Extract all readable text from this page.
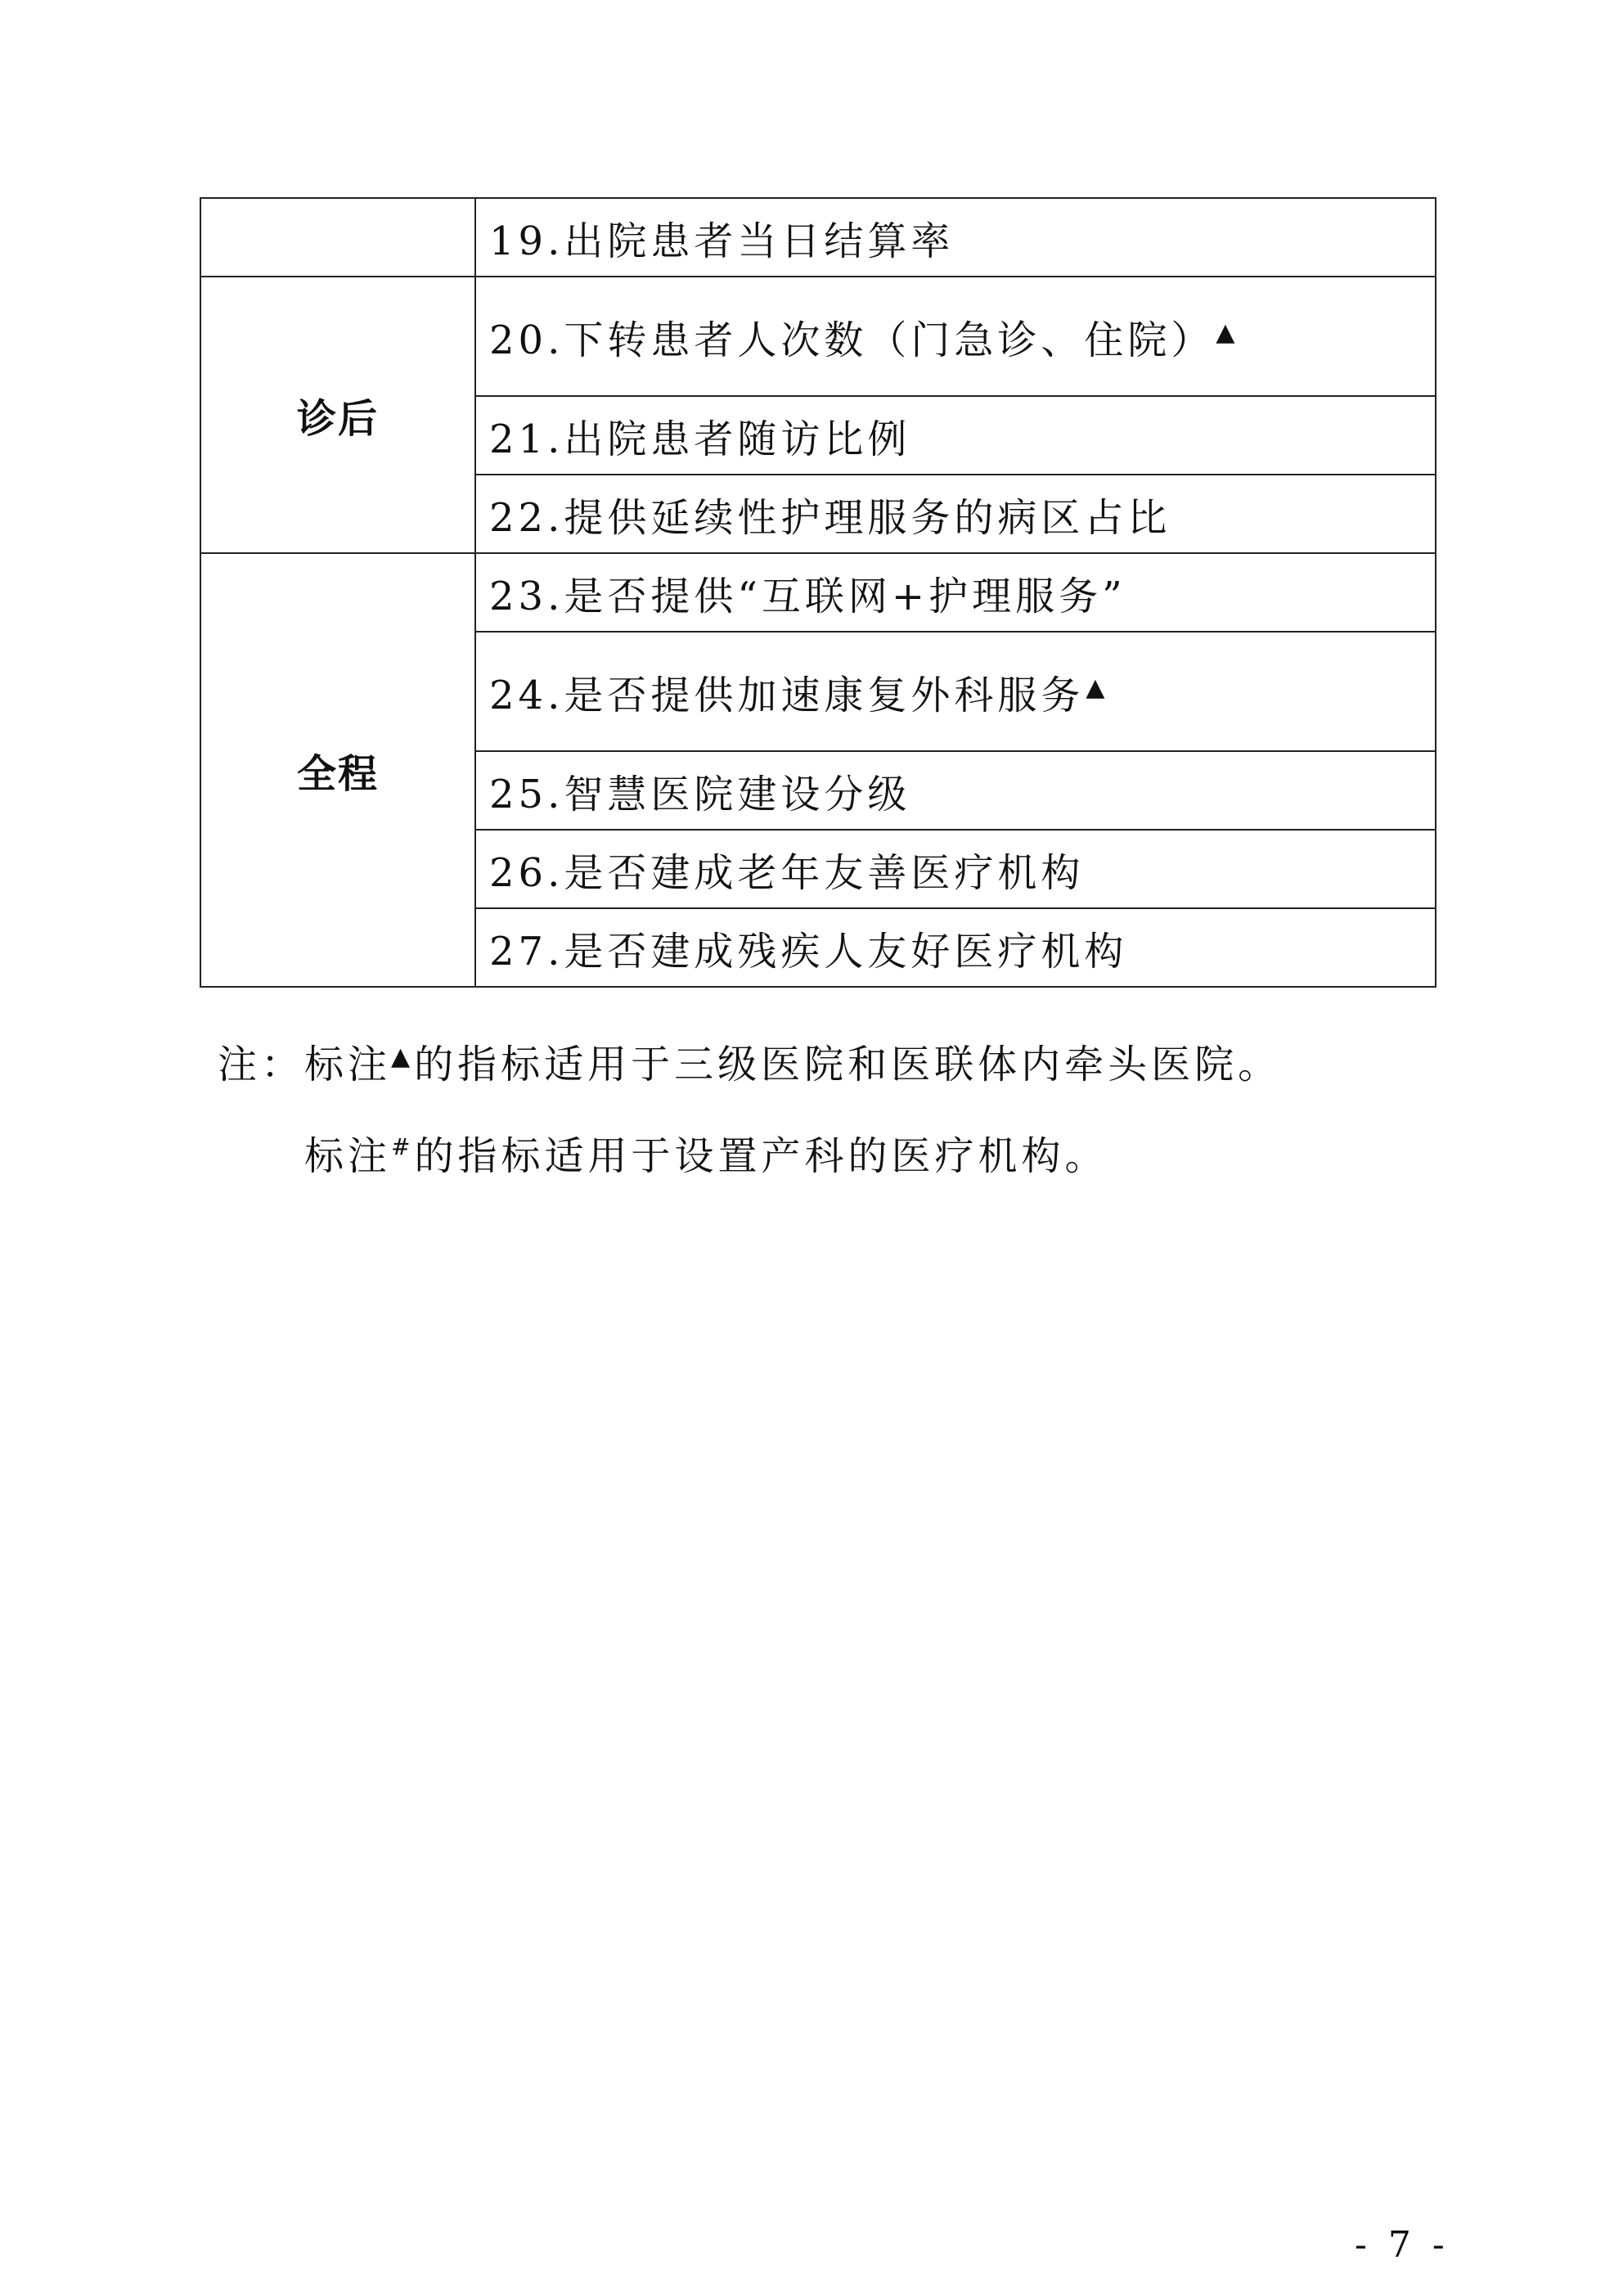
	19.出院患者当日结算率
诊后	20.下转患者人次数（门急诊、住院）▲
	21.出院患者随访比例
	22.提供延续性护理服务的病区占比
全程	23.是否提供“互联网+护理服务”
	24.是否提供加速康复外科服务▲
	25.智慧医院建设分级
	26.是否建成老年友善医疗机构
	27.是否建成残疾人友好医疗机构
注：标注▲的指标适用于三级医院和医联体内牵头医院。
标注#的指标适用于设置产科的医疗机构。
- 7 -
